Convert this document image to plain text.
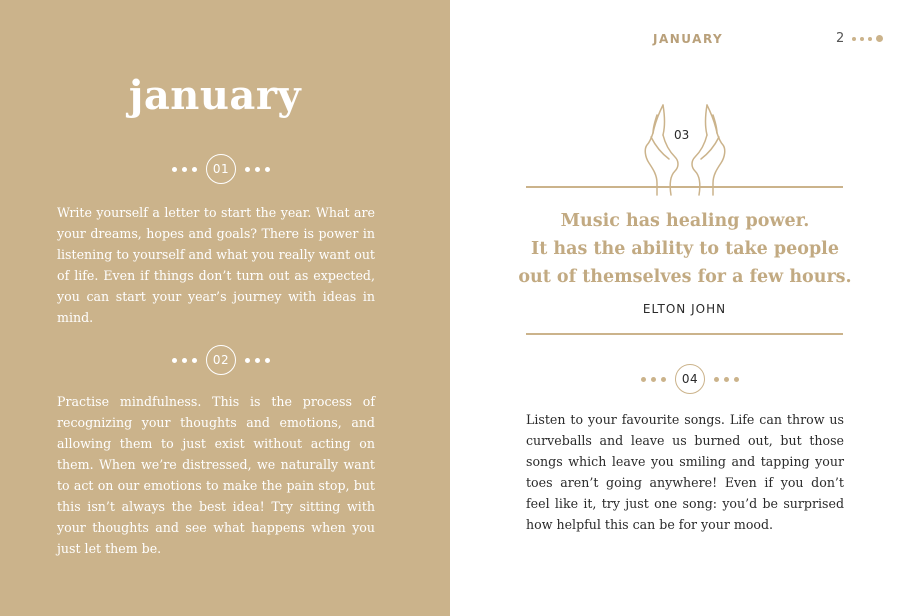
january
01

Write yourself a letter to start the year. What are your dreams, hopes and goals? There is power in listening to yourself and what you really want out of life. Even if things don’t turn out as expected, you can start your year’s journey with ideas in mind.

02

Practise mindfulness. This is the process of recognizing your thoughts and emotions, and allowing them to just exist without acting on them. When we’re distressed, we naturally want to act on our emotions to make the pain stop, but this isn’t always the best idea! Try sitting with your thoughts and see what happens when you just let them be.

JANUARY	2
03
Music has healing power.
It has the ability to take people
out of themselves for a few hours.
ELTON JOHN
04

Listen to your favourite songs. Life can throw us curveballs and leave us burned out, but those songs which leave you smiling and tapping your toes aren’t going anywhere! Even if you don’t feel like it, try just one song: you’d be surprised how helpful this can be for your mood.
